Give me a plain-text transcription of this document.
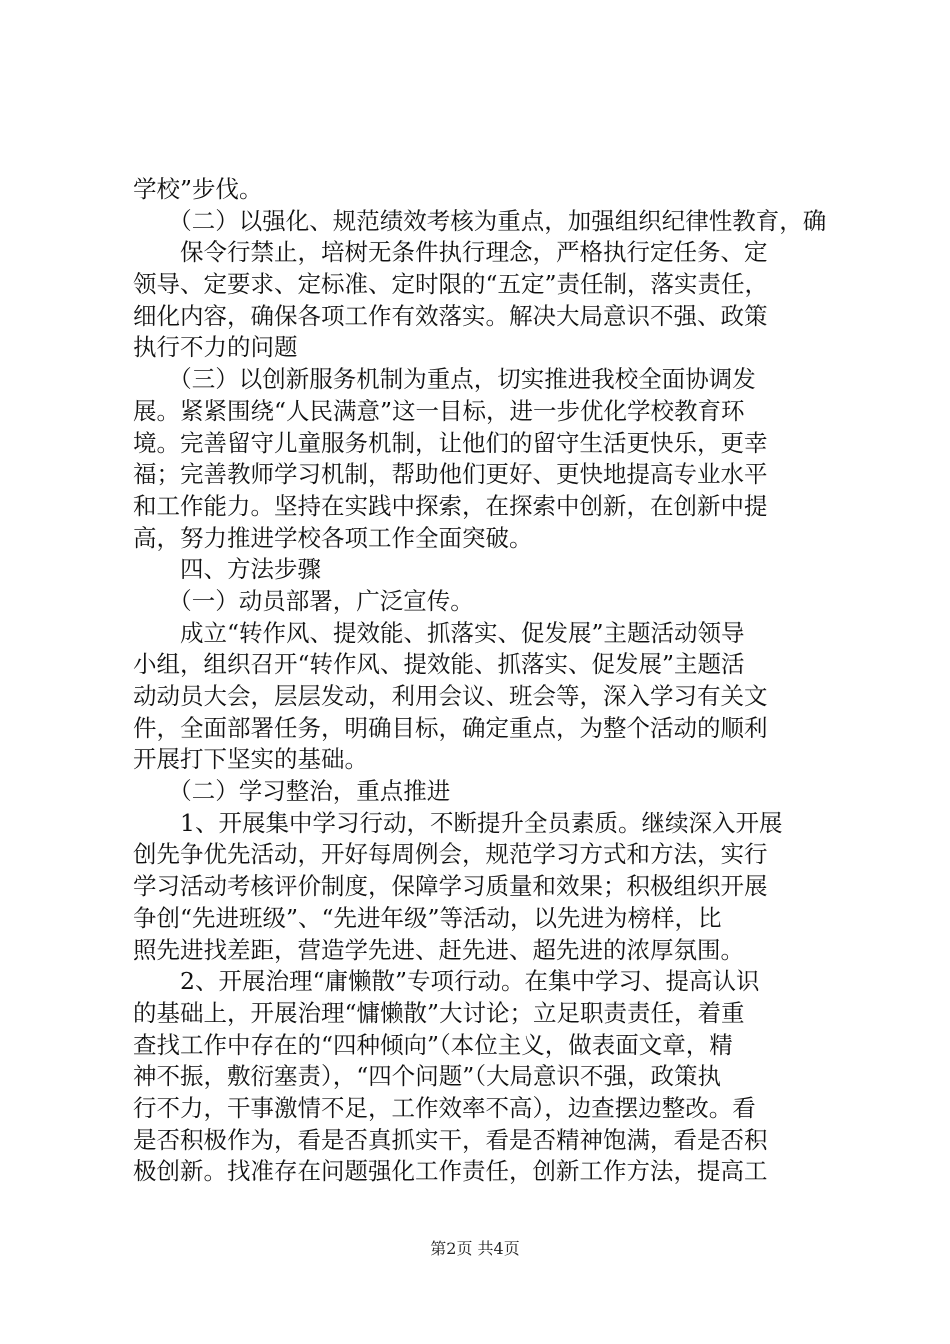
学校”步伐。
　　（二）以强化、规范绩效考核为重点，加强组织纪律性教育，确
　　保令行禁止，培树无条件执行理念，严格执行定任务、定
领导、定要求、定标准、定时限的“五定”责任制，落实责任，
细化内容，确保各项工作有效落实。解决大局意识不强、政策
执行不力的问题
　　（三）以创新服务机制为重点，切实推进我校全面协调发
展。紧紧围绕“人民满意”这一目标，进一步优化学校教育环
境。完善留守儿童服务机制，让他们的留守生活更快乐，更幸
福；完善教师学习机制，帮助他们更好、更快地提高专业水平
和工作能力。坚持在实践中探索，在探索中创新，在创新中提
高，努力推进学校各项工作全面突破。
　　四、方法步骤
　　（一）动员部署，广泛宣传。
　　成立“转作风、提效能、抓落实、促发展”主题活动领导
小组，组织召开“转作风、提效能、抓落实、促发展”主题活
动动员大会，层层发动，利用会议、班会等，深入学习有关文
件，全面部署任务，明确目标，确定重点，为整个活动的顺利
开展打下坚实的基础。
　　（二）学习整治，重点推进
　　1、开展集中学习行动，不断提升全员素质。继续深入开展
创先争优先活动，开好每周例会，规范学习方式和方法，实行
学习活动考核评价制度，保障学习质量和效果；积极组织开展
争创“先进班级”、“先进年级”等活动，以先进为榜样，比
照先进找差距，营造学先进、赶先进、超先进的浓厚氛围。
　　2、开展治理“庸懒散”专项行动。在集中学习、提高认识
的基础上，开展治理“慵懒散”大讨论；立足职责责任，着重
查找工作中存在的“四种倾向”（本位主义，做表面文章，精
神不振，敷衍塞责），“四个问题”（大局意识不强，政策执
行不力，干事激情不足，工作效率不高），边查摆边整改。看
是否积极作为，看是否真抓实干，看是否精神饱满，看是否积
极创新。找准存在问题强化工作责任，创新工作方法，提高工
第2页 共4页
